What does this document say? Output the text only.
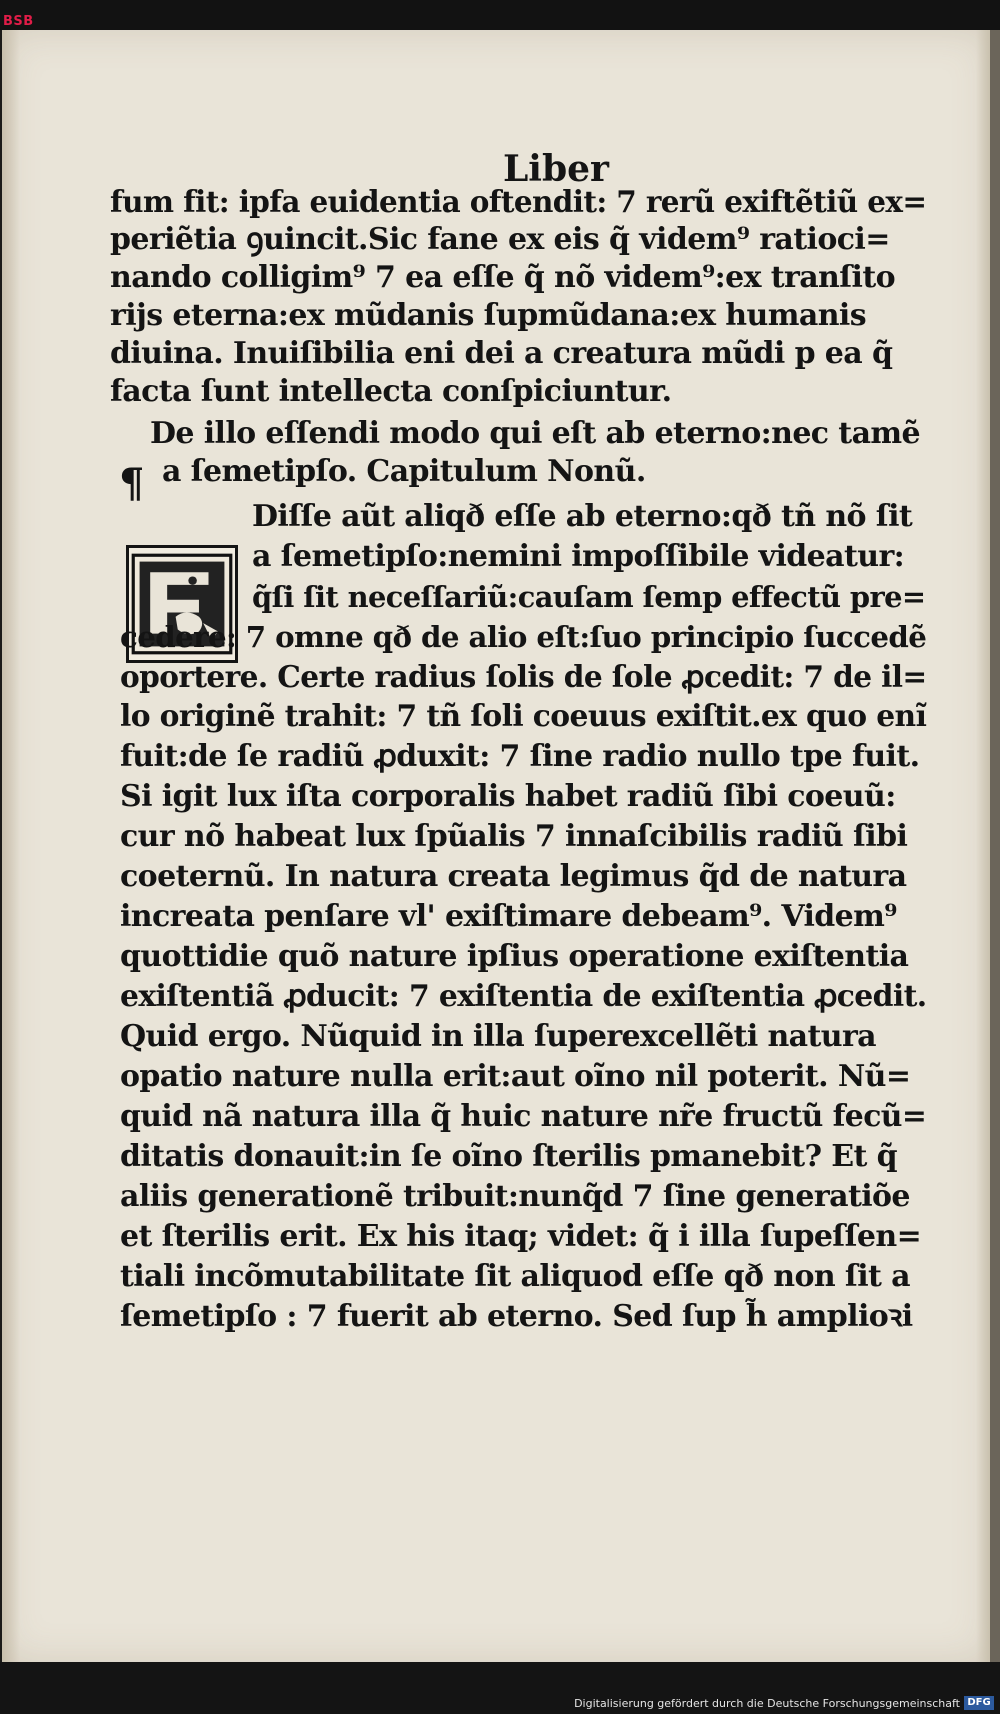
BSB
Liber
¶
fum fit: ipfa euidentia oftendit: 7 rerũ exiftẽtiũ ex=
periẽtia ꝯuincit.Sic fane ex eis q̃ videm⁹ ratioci=
nando colligim⁹ 7 ea eſſe q̃ nõ videm⁹:ex tranſito
rijs eterna:ex mũdanis ſupmũdana:ex humanis
diuina. Inuiſibilia eni dei a creatura mũdi p ea q̃
facta ſunt intellecta conſpiciuntur.
De illo eſſendi modo qui eſt ab eterno:nec tamẽ
a ſemetipſo. Capitulum Nonũ.
Diſſe aũt aliqð eſſe ab eterno:qð tñ nõ ſit
a ſemetipſo:nemini impoſſibile videatur:
q̃ſi ſit neceſſariũ:cauſam ſemp effectũ pre=
cedere: 7 omne qð de alio eſt:ſuo principio ſuccedẽ
oportere. Certe radius ſolis de ſole ꝓcedit: 7 de il=
lo originẽ trahit: 7 tñ ſoli coeuus exiſtit.ex quo enĩ
fuit:de ſe radiũ ꝓduxit: 7 ſine radio nullo tpe fuit.
Si igit lux iſta corporalis habet radiũ ſibi coeuũ:
cur nõ habeat lux ſpũalis 7 innaſcibilis radiũ ſibi
coeternũ. In natura creata legimus q̃d de natura
increata penſare vl' exiſtimare debeam⁹. Videm⁹
quottidie quõ nature ipſius operatione exiſtentia
exiſtentiã ꝓducit: 7 exiſtentia de exiſtentia ꝓcedit.
Quid ergo. Nũquid in illa ſuperexcellẽti natura
opatio nature nulla erit:aut oĩno nil poterit. Nũ=
quid nã natura illa q̃ huic nature nr̃e fructũ fecũ=
ditatis donauit:in ſe oĩno ſterilis pmanebit? Et q̃
aliis generationẽ tribuit:nunq̃d 7 ſine generatiõe
et ſterilis erit. Ex his itaq; videt: q̃ i illa ſupeſſen=
tiali incõmutabilitate ſit aliquod eſſe qð non ſit a
ſemetipſo : 7 fuerit ab eterno. Sed ſup h̃ amplioꝛi
Digitalisierung gefördert durch die Deutsche Forschungsgemeinschaft DFG
